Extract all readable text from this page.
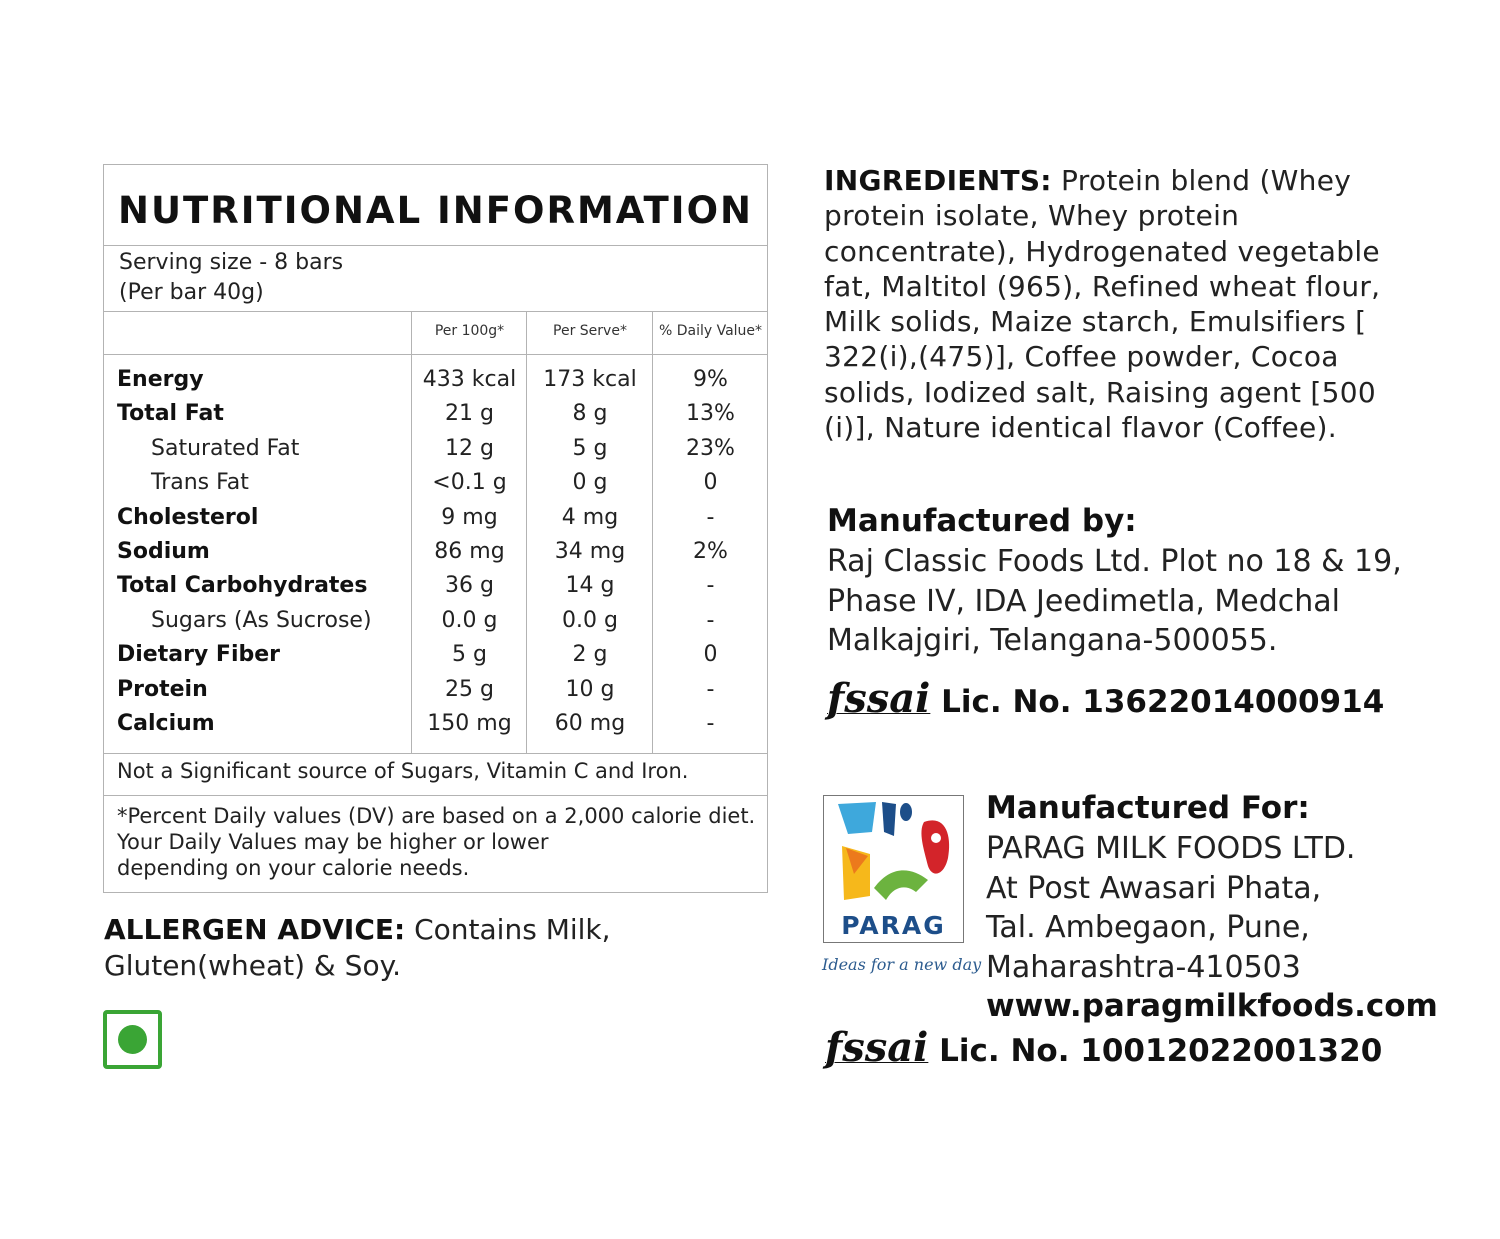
NUTRITIONAL INFORMATION
Serving size - 8 bars
(Per bar 40g)
Per 100g*	Per Serve*	% Daily Value*
Energy	433 kcal	173 kcal	9%
Total Fat	21 g	8 g	13%
Saturated Fat	12 g	5 g	23%
Trans Fat	<0.1 g	0 g	0
Cholesterol	9 mg	4 mg	-
Sodium	86 mg	34 mg	2%
Total Carbohydrates	36 g	14 g	-
Sugars (As Sucrose)	0.0 g	0.0 g	-
Dietary Fiber	5 g	2 g	0
Protein	25 g	10 g	-
Calcium	150 mg	60 mg	-
Not a Significant source of Sugars, Vitamin C and Iron.
*Percent Daily values (DV) are based on a 2,000 calorie diet.
Your Daily Values may be higher or lower
depending on your calorie needs.
ALLERGEN ADVICE: Contains Milk, Gluten(wheat) & Soy.
INGREDIENTS: Protein blend (Whey protein isolate, Whey protein concentrate), Hydrogenated vegetable fat, Maltitol (965), Refined wheat flour, Milk solids, Maize starch, Emulsifiers [ 322(i),(475)], Coffee powder, Cocoa solids, Iodized salt, Raising agent [500 (i)], Nature identical flavor (Coffee).
Manufactured by:
Raj Classic Foods Ltd. Plot no 18 & 19,
Phase IV, IDA Jeedimetla, Medchal
Malkajgiri, Telangana-500055.
fssai Lic. No. 13622014000914
PARAG
Ideas for a new day
Manufactured For:
PARAG MILK FOODS LTD.
At Post Awasari Phata,
Tal. Ambegaon, Pune,
Maharashtra-410503
www.paragmilkfoods.com
fssai Lic. No. 10012022001320
